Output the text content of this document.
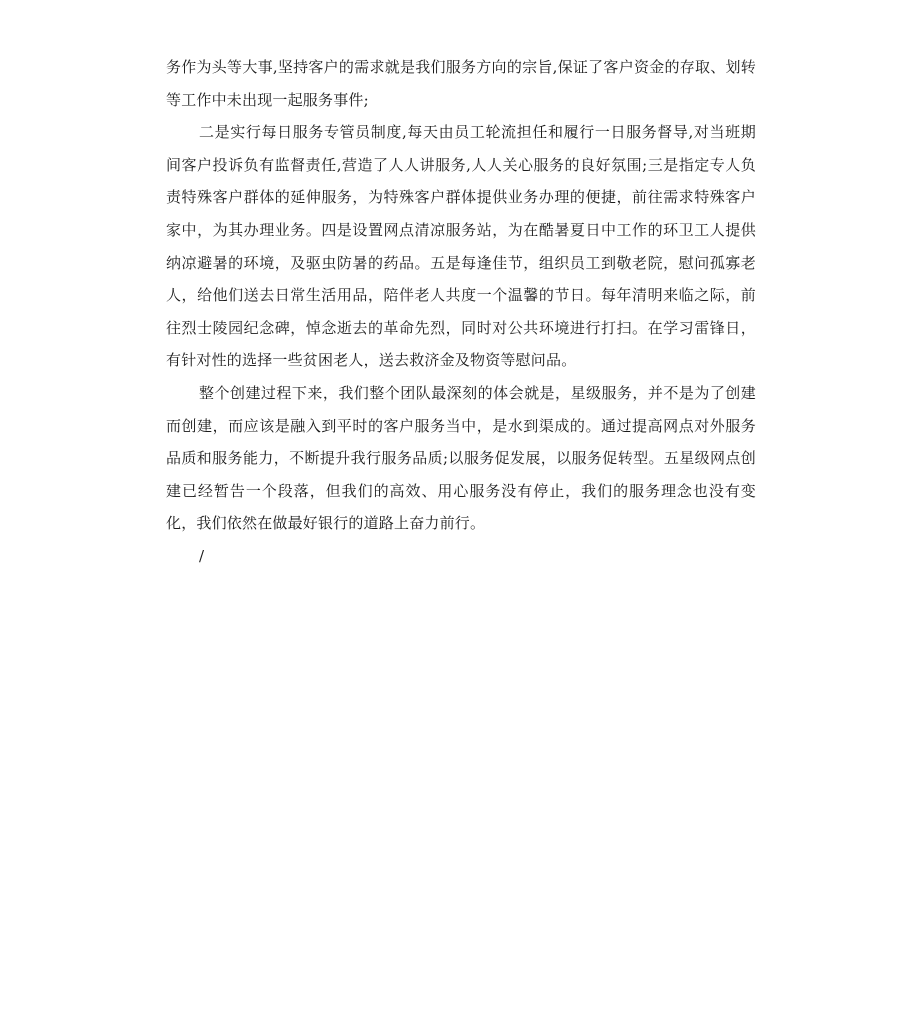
务作为头等大事,坚持客户的需求就是我们服务方向的宗旨,保证了客户资金的存取、划转等工作中未出现一起服务事件;

二是实行每日服务专管员制度,每天由员工轮流担任和履行一日服务督导,对当班期间客户投诉负有监督责任,营造了人人讲服务,人人关心服务的良好氛围;三是指定专人负责特殊客户群体的延伸服务，为特殊客户群体提供业务办理的便捷，前往需求特殊客户家中，为其办理业务。四是设置网点清凉服务站，为在酷暑夏日中工作的环卫工人提供纳凉避暑的环境，及驱虫防暑的药品。五是每逢佳节，组织员工到敬老院，慰问孤寡老人，给他们送去日常生活用品，陪伴老人共度一个温馨的节日。每年清明来临之际，前往烈士陵园纪念碑，悼念逝去的革命先烈，同时对公共环境进行打扫。在学习雷锋日，有针对性的选择一些贫困老人，送去救济金及物资等慰问品。

整个创建过程下来，我们整个团队最深刻的体会就是，星级服务，并不是为了创建而创建，而应该是融入到平时的客户服务当中，是水到渠成的。通过提高网点对外服务品质和服务能力，不断提升我行服务品质;以服务促发展，以服务促转型。五星级网点创建已经暂告一个段落，但我们的高效、用心服务没有停止，我们的服务理念也没有变化，我们依然在做最好银行的道路上奋力前行。

/
